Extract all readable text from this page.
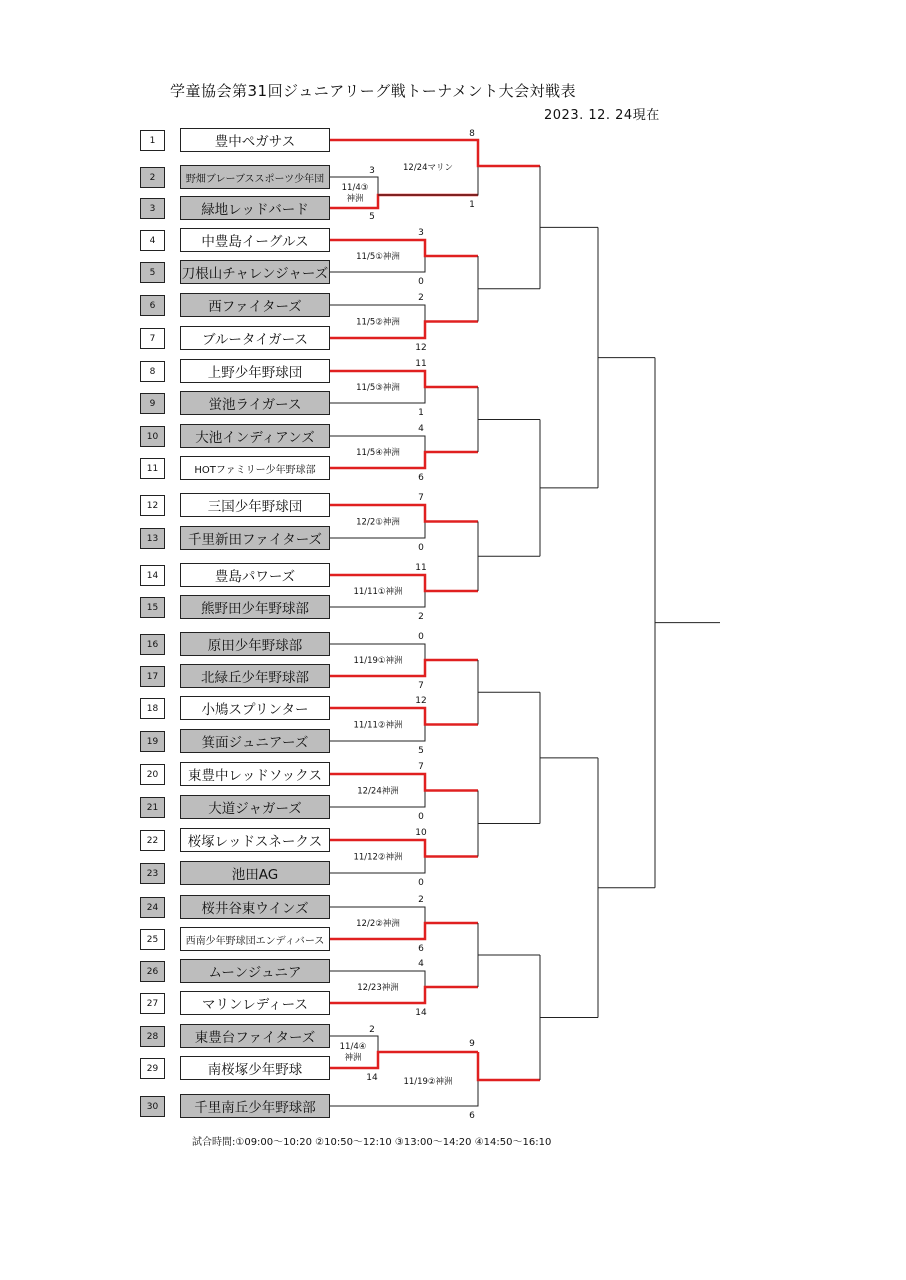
学童協会第31回ジュニアリーグ戦トーナメント大会対戦表
2023. 12. 24現在
1	豊中ペガサス
2	野畑ブレーブススポーツ少年団
3	緑地レッドバード
4	中豊島イーグルス
5	刀根山チャレンジャーズ
6	西ファイターズ
7	ブルータイガース
8	上野少年野球団
9	蛍池ライガース
10	大池インディアンズ
11	HOTファミリー少年野球部
12	三国少年野球団
13	千里新田ファイターズ
14	豊島パワーズ
15	熊野田少年野球部
16	原田少年野球部
17	北緑丘少年野球部
18	小鳩スプリンター
19	箕面ジュニアーズ
20	東豊中レッドソックス
21	大道ジャガーズ
22	桜塚レッドスネークス
23	池田AG
24	桜井谷東ウインズ
25	西南少年野球団エンディバース
26	ムーンジュニア
27	マリンレディース
28	東豊台ファイターズ
29	南桜塚少年野球
30	千里南丘少年野球部
3
5
11/4③
神洲
8
1
12/24マリン
3
0
11/5①神洲
2
12
11/5②神洲
11
1
11/5③神洲
4
6
11/5④神洲
7
0
12/2①神洲
11
2
11/11①神洲
0
7
11/19①神洲
12
5
11/11②神洲
7
0
12/24神洲
10
0
11/12②神洲
2
6
12/2②神洲
4
14
12/23神洲
2
14
11/4④
神洲
9
6
11/19②神洲
試合時間:①09:00～10:20 ②10:50～12:10 ③13:00～14:20 ④14:50～16:10
